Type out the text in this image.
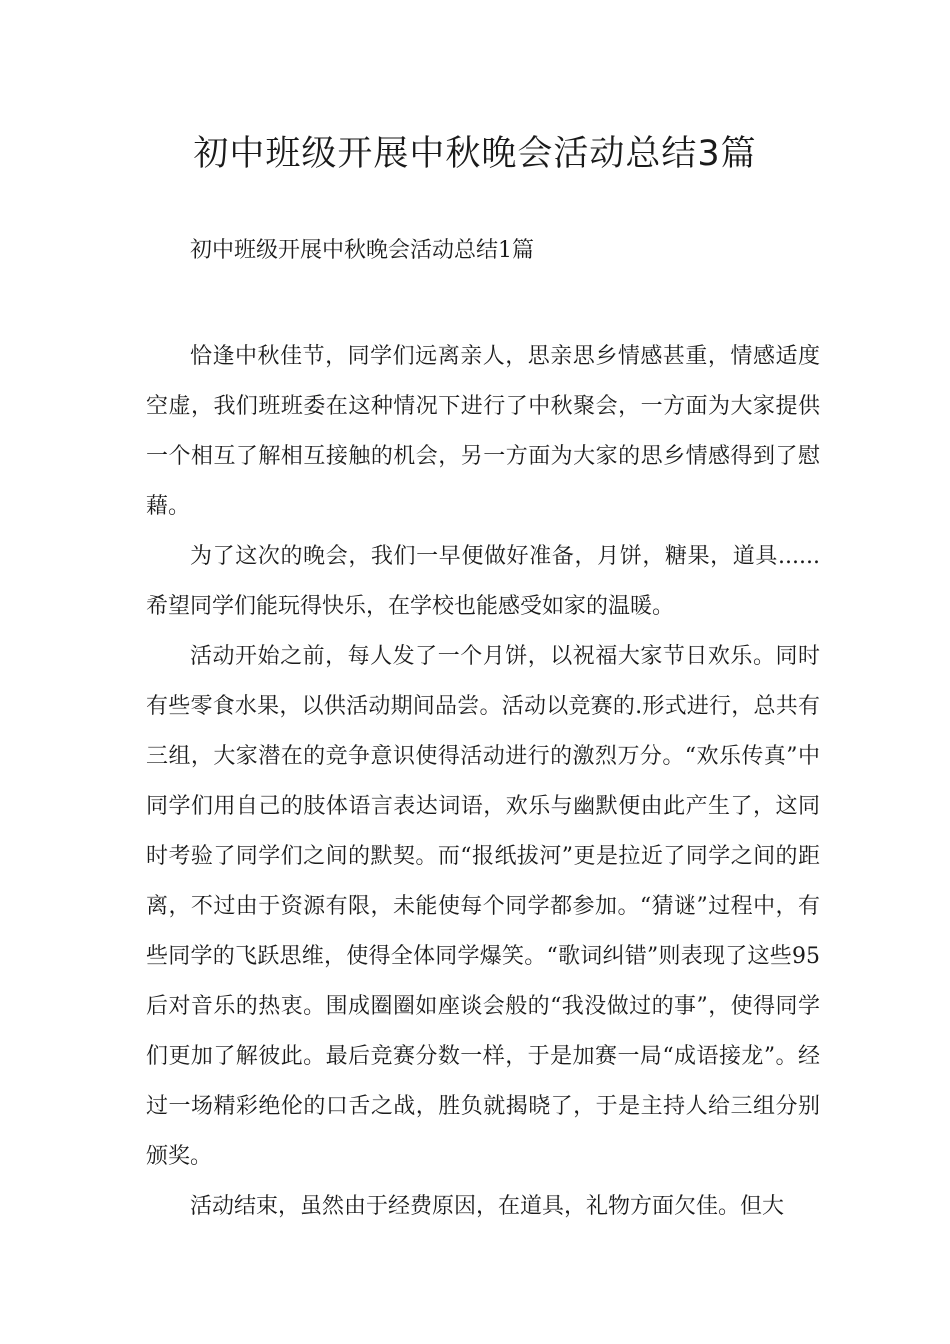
初中班级开展中秋晚会活动总结3篇

初中班级开展中秋晚会活动总结1篇

恰逢中秋佳节，同学们远离亲人，思亲思乡情感甚重，情感适度空虚，我们班班委在这种情况下进行了中秋聚会，一方面为大家提供一个相互了解相互接触的机会，另一方面为大家的思乡情感得到了慰藉。

为了这次的晚会，我们一早便做好准备，月饼，糖果，道具......希望同学们能玩得快乐，在学校也能感受如家的温暖。

活动开始之前，每人发了一个月饼，以祝福大家节日欢乐。同时有些零食水果，以供活动期间品尝。活动以竞赛的.形式进行，总共有三组，大家潜在的竞争意识使得活动进行的激烈万分。“欢乐传真”中同学们用自己的肢体语言表达词语，欢乐与幽默便由此产生了，这同时考验了同学们之间的默契。而“报纸拔河”更是拉近了同学之间的距离，不过由于资源有限，未能使每个同学都参加。“猜谜”过程中，有些同学的飞跃思维，使得全体同学爆笑。“歌词纠错”则表现了这些95后对音乐的热衷。围成圈圈如座谈会般的“我没做过的事”，使得同学们更加了解彼此。最后竞赛分数一样，于是加赛一局“成语接龙”。经过一场精彩绝伦的口舌之战，胜负就揭晓了，于是主持人给三组分别颁奖。

活动结束，虽然由于经费原因，在道具，礼物方面欠佳。但大
